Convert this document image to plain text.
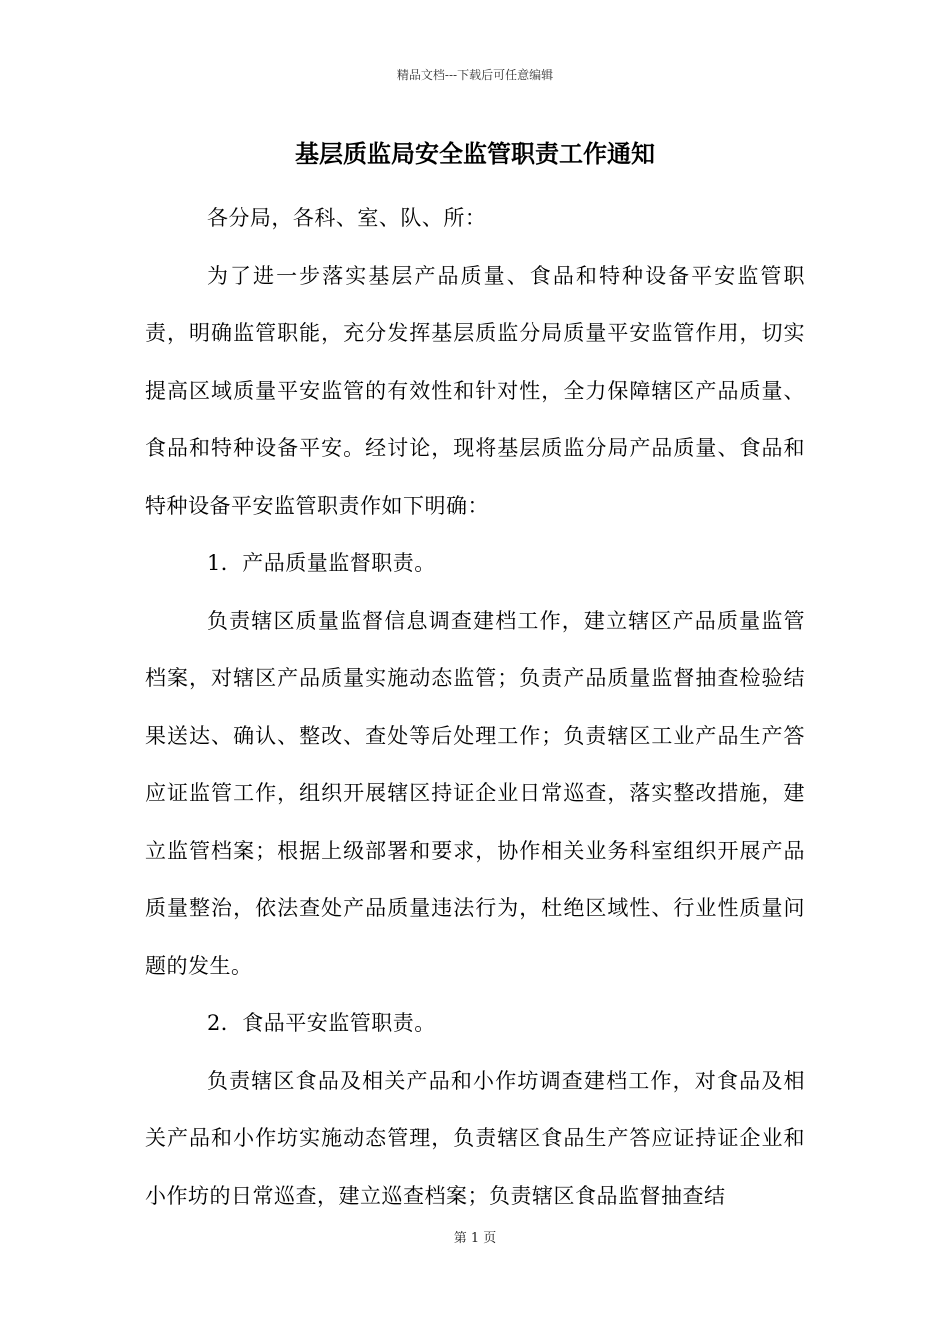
精品文档---下载后可任意编辑
基层质监局安全监管职责工作通知

各分局，各科、室、队、所：

为了进一步落实基层产品质量、食品和特种设备平安监管职责，明确监管职能，充分发挥基层质监分局质量平安监管作用，切实提高区域质量平安监管的有效性和针对性，全力保障辖区产品质量、食品和特种设备平安。经讨论，现将基层质监分局产品质量、食品和特种设备平安监管职责作如下明确：

1．产品质量监督职责。

负责辖区质量监督信息调查建档工作，建立辖区产品质量监管档案，对辖区产品质量实施动态监管；负责产品质量监督抽查检验结果送达、确认、整改、查处等后处理工作；负责辖区工业产品生产答应证监管工作，组织开展辖区持证企业日常巡查，落实整改措施，建立监管档案；根据上级部署和要求，协作相关业务科室组织开展产品质量整治，依法查处产品质量违法行为，杜绝区域性、行业性质量问题的发生。

2．食品平安监管职责。

负责辖区食品及相关产品和小作坊调查建档工作，对食品及相关产品和小作坊实施动态管理，负责辖区食品生产答应证持证企业和小作坊的日常巡查，建立巡查档案；负责辖区食品监督抽查结

第 1 页
